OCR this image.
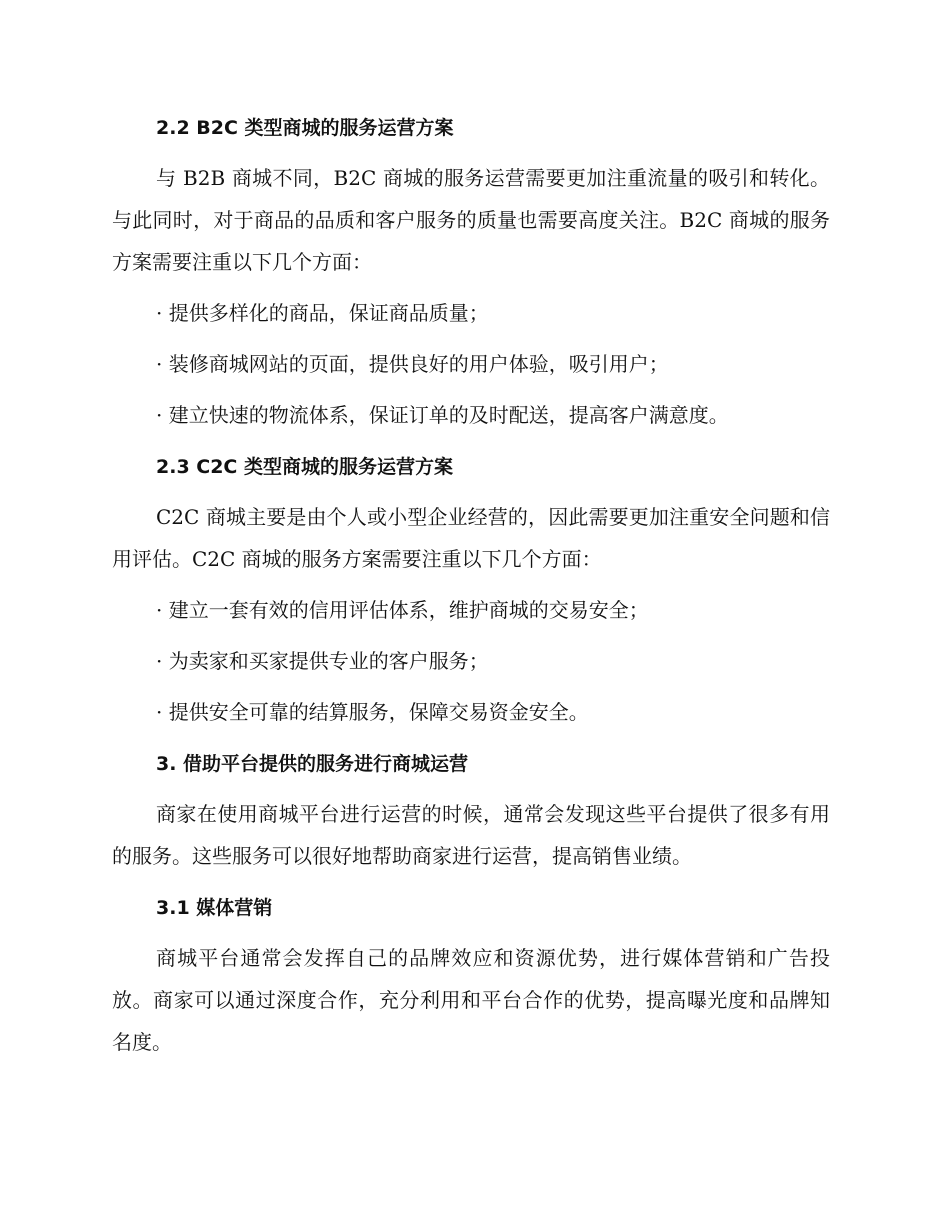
2.2 B2C 类型商城的服务运营方案

与 B2B 商城不同，B2C 商城的服务运营需要更加注重流量的吸引和转化。与此同时，对于商品的品质和客户服务的质量也需要高度关注。B2C 商城的服务方案需要注重以下几个方面：

· 提供多样化的商品，保证商品质量；

· 装修商城网站的页面，提供良好的用户体验，吸引用户；

· 建立快速的物流体系，保证订单的及时配送，提高客户满意度。

2.3 C2C 类型商城的服务运营方案

C2C 商城主要是由个人或小型企业经营的，因此需要更加注重安全问题和信用评估。C2C 商城的服务方案需要注重以下几个方面：

· 建立一套有效的信用评估体系，维护商城的交易安全；

· 为卖家和买家提供专业的客户服务；

· 提供安全可靠的结算服务，保障交易资金安全。

3. 借助平台提供的服务进行商城运营

商家在使用商城平台进行运营的时候，通常会发现这些平台提供了很多有用的服务。这些服务可以很好地帮助商家进行运营，提高销售业绩。

3.1 媒体营销

商城平台通常会发挥自己的品牌效应和资源优势，进行媒体营销和广告投放。商家可以通过深度合作，充分利用和平台合作的优势，提高曝光度和品牌知名度。
